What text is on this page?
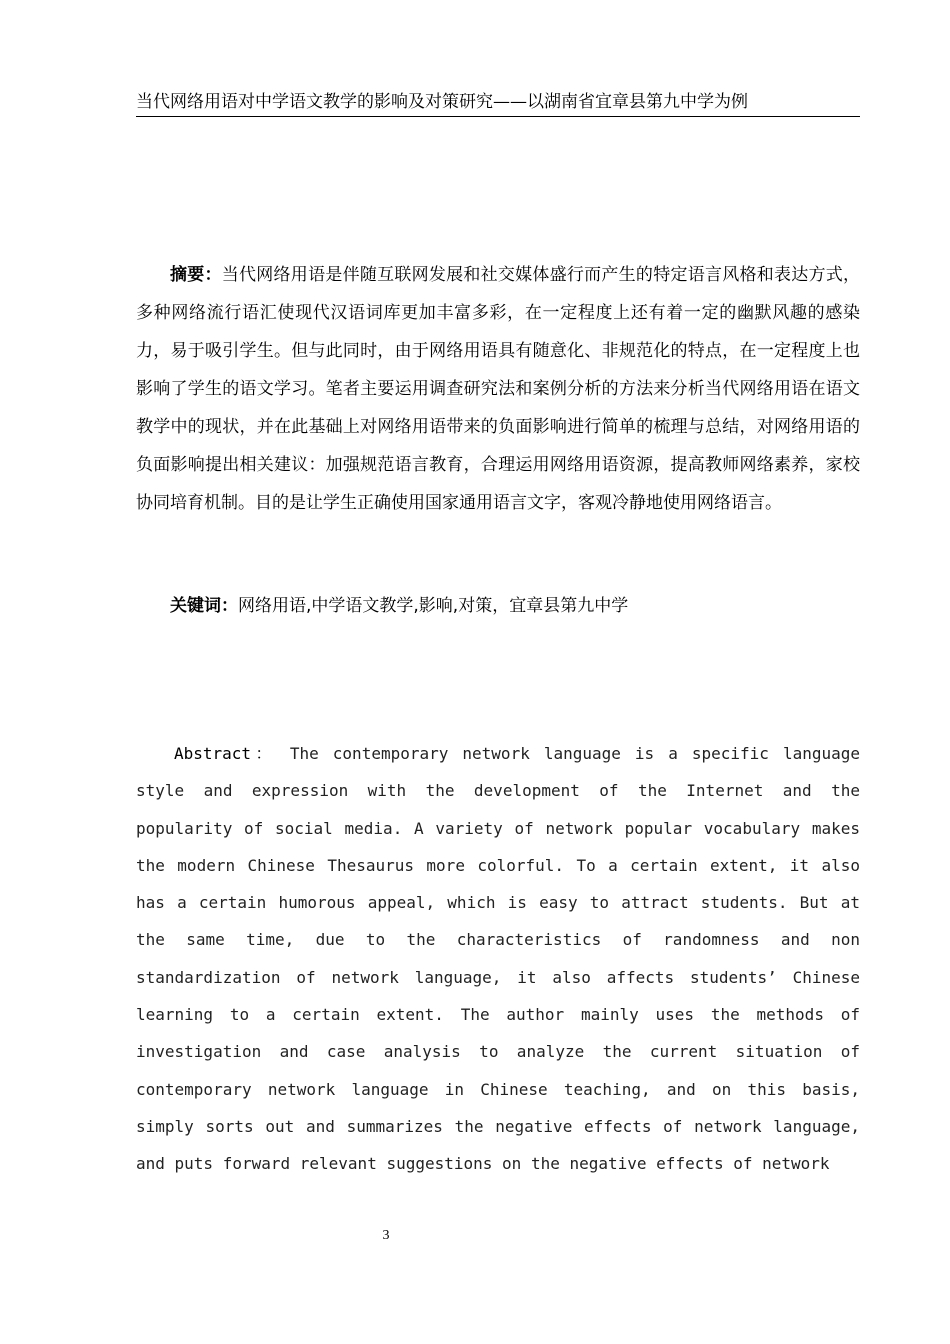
当代网络用语对中学语文教学的影响及对策研究——以湖南省宜章县第九中学为例
摘要：当代网络用语是伴随互联网发展和社交媒体盛行而产生的特定语言风格和表达方式，多种网络流行语汇使现代汉语词库更加丰富多彩，在一定程度上还有着一定的幽默风趣的感染力，易于吸引学生。但与此同时，由于网络用语具有随意化、非规范化的特点，在一定程度上也影响了学生的语文学习。笔者主要运用调查研究法和案例分析的方法来分析当代网络用语在语文教学中的现状，并在此基础上对网络用语带来的负面影响进行简单的梳理与总结，对网络用语的负面影响提出相关建议：加强规范语言教育，合理运用网络用语资源，提高教师网络素养，家校协同培育机制。目的是让学生正确使用国家通用语言文字，客观冷静地使用网络语言。
关键词：网络用语,中学语文教学,影响,对策，宜章县第九中学
Abstract： The contemporary network language is a specific language style and expression with the development of the Internet and the popularity of social media. A variety of network popular vocabulary makes the modern Chinese Thesaurus more colorful. To a certain extent, it also has a certain humorous appeal, which is easy to attract students. But at the same time, due to the characteristics of randomness and non standardization of network language, it also affects students’ Chinese learning to a certain extent. The author mainly uses the methods of investigation and case analysis to analyze the current situation of contemporary network language in Chinese teaching, and on this basis, simply sorts out and summarizes the negative effects of network language, and puts forward relevant suggestions on the negative effects of network
3
